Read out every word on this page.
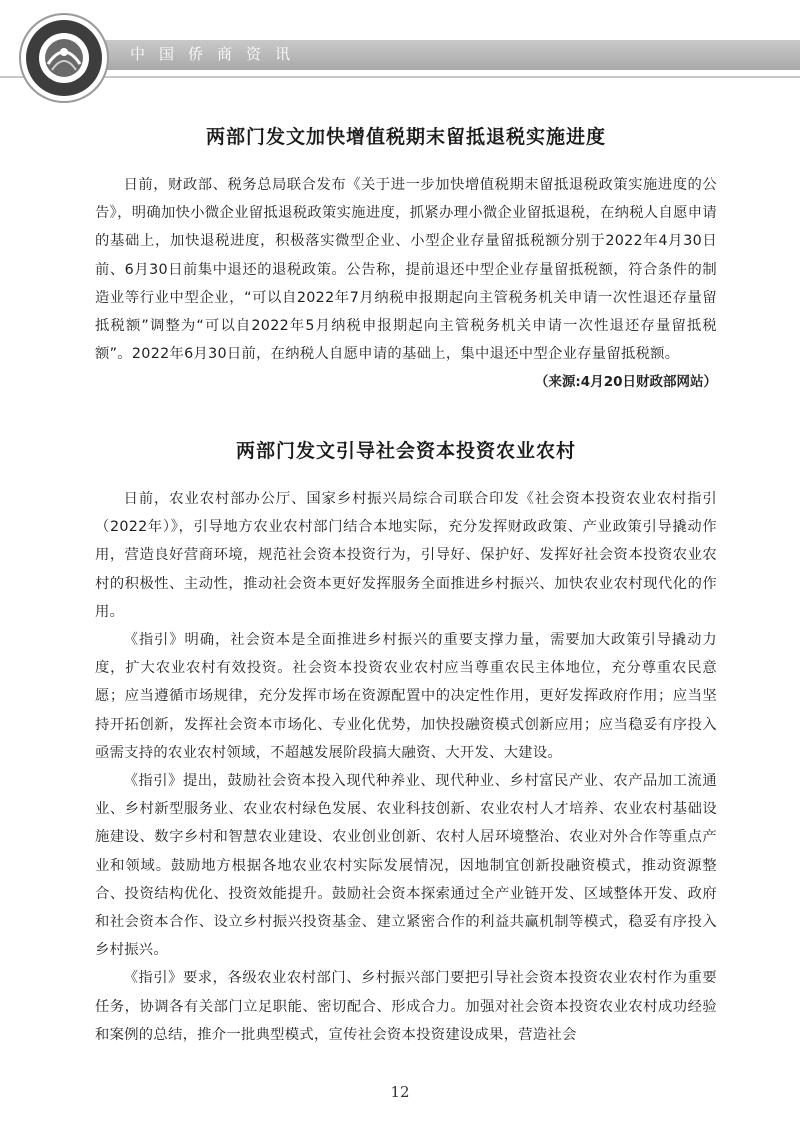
中国侨商资讯
两部门发文加快增值税期末留抵退税实施进度

日前，财政部、税务总局联合发布《关于进一步加快增值税期末留抵退税政策实施进度的公告》，明确加快小微企业留抵退税政策实施进度，抓紧办理小微企业留抵退税，在纳税人自愿申请的基础上，加快退税进度，积极落实微型企业、小型企业存量留抵税额分别于2022年4月30日前、6月30日前集中退还的退税政策。公告称，提前退还中型企业存量留抵税额，符合条件的制造业等行业中型企业，“可以自2022年7月纳税申报期起向主管税务机关申请一次性退还存量留抵税额”调整为“可以自2022年5月纳税申报期起向主管税务机关申请一次性退还存量留抵税额”。2022年6月30日前，在纳税人自愿申请的基础上，集中退还中型企业存量留抵税额。
（来源:4月20日财政部网站）

两部门发文引导社会资本投资农业农村

日前，农业农村部办公厅、国家乡村振兴局综合司联合印发《社会资本投资农业农村指引（2022年）》，引导地方农业农村部门结合本地实际，充分发挥财政政策、产业政策引导撬动作用，营造良好营商环境，规范社会资本投资行为，引导好、保护好、发挥好社会资本投资农业农村的积极性、主动性，推动社会资本更好发挥服务全面推进乡村振兴、加快农业农村现代化的作用。

《指引》明确，社会资本是全面推进乡村振兴的重要支撑力量，需要加大政策引导撬动力度，扩大农业农村有效投资。社会资本投资农业农村应当尊重农民主体地位，充分尊重农民意愿；应当遵循市场规律，充分发挥市场在资源配置中的决定性作用，更好发挥政府作用；应当坚持开拓创新，发挥社会资本市场化、专业化优势，加快投融资模式创新应用；应当稳妥有序投入亟需支持的农业农村领域，不超越发展阶段搞大融资、大开发、大建设。

《指引》提出，鼓励社会资本投入现代种养业、现代种业、乡村富民产业、农产品加工流通业、乡村新型服务业、农业农村绿色发展、农业科技创新、农业农村人才培养、农业农村基础设施建设、数字乡村和智慧农业建设、农业创业创新、农村人居环境整治、农业对外合作等重点产业和领域。鼓励地方根据各地农业农村实际发展情况，因地制宜创新投融资模式，推动资源整合、投资结构优化、投资效能提升。鼓励社会资本探索通过全产业链开发、区域整体开发、政府和社会资本合作、设立乡村振兴投资基金、建立紧密合作的利益共赢机制等模式，稳妥有序投入乡村振兴。

《指引》要求，各级农业农村部门、乡村振兴部门要把引导社会资本投资农业农村作为重要任务，协调各有关部门立足职能、密切配合、形成合力。加强对社会资本投资农业农村成功经验和案例的总结，推介一批典型模式，宣传社会资本投资建设成果，营造社会

12
